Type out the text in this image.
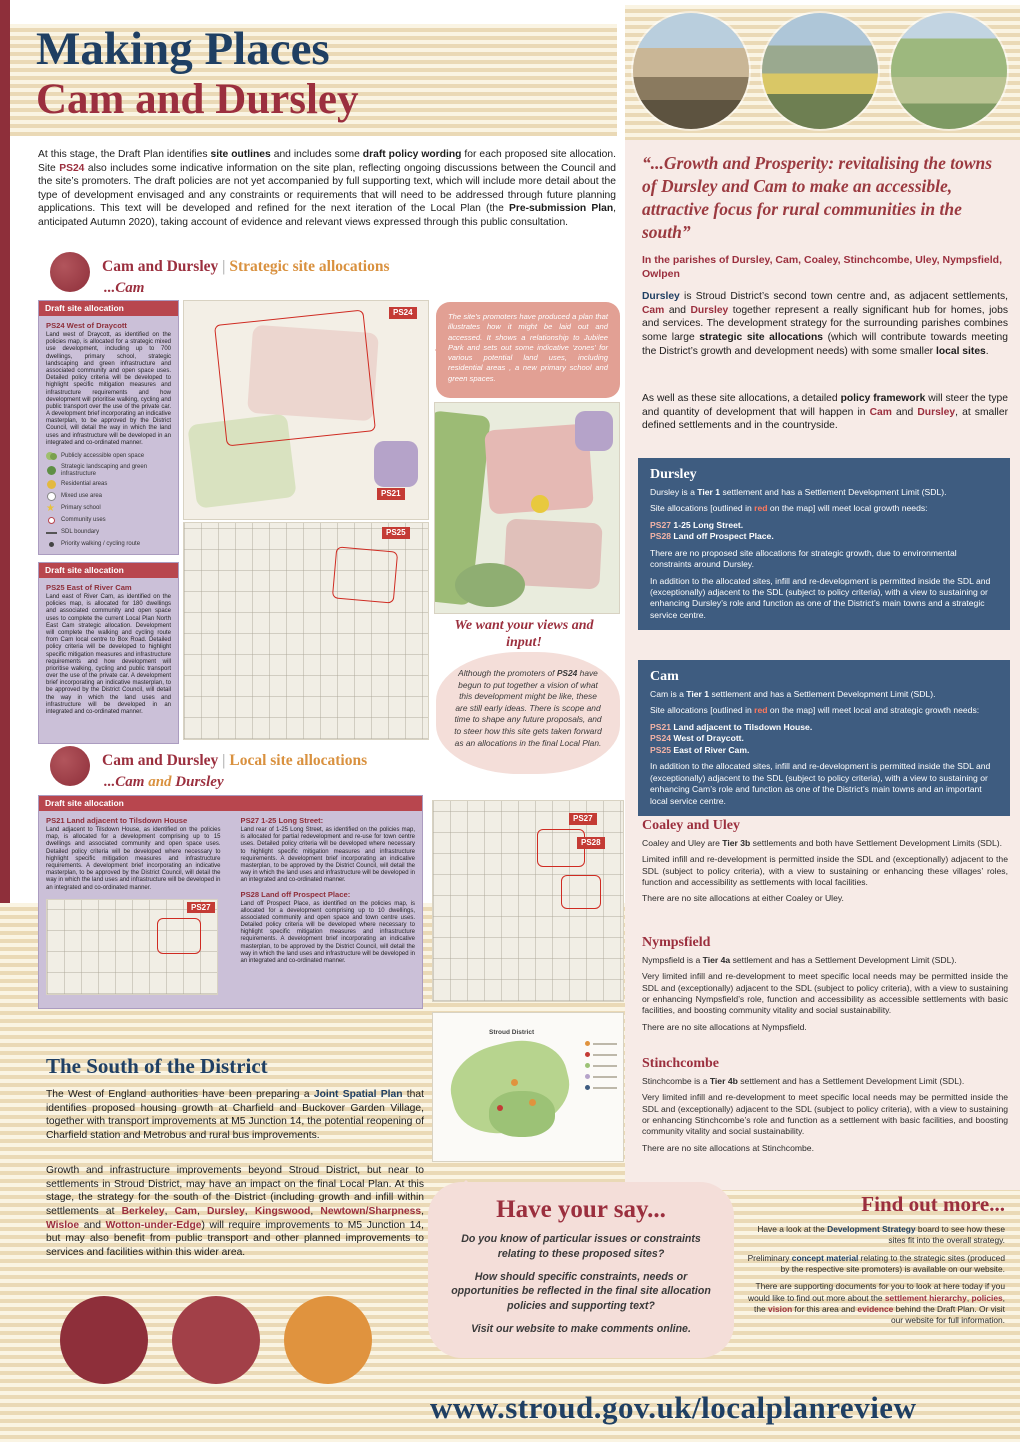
Making Places
Cam and Dursley
At this stage, the Draft Plan identifies site outlines and includes some draft policy wording for each proposed site allocation. Site PS24 also includes some indicative information on the site plan, reflecting ongoing discussions between the Council and the site’s promoters. The draft policies are not yet accompanied by full supporting text, which will include more detail about the type of development envisaged and any constraints or requirements that will need to be addressed through future planning applications. This text will be developed and refined for the next iteration of the Local Plan (the Pre-submission Plan, anticipated Autumn 2020), taking account of evidence and relevant views expressed through this public consultation.
“...Growth and Prosperity: revitalising the towns of Dursley and Cam to make an accessible, attractive focus for rural communities in the south”
In the parishes of Dursley, Cam, Coaley, Stinchcombe, Uley, Nympsfield, Owlpen
Dursley is Stroud District’s second town centre and, as adjacent settlements, Cam and Dursley together represent a really significant hub for homes, jobs and services. The development strategy for the surrounding parishes combines some large strategic site allocations (which will contribute towards meeting the District’s growth and development needs) with some smaller local sites.
As well as these site allocations, a detailed policy framework will steer the type and quantity of development that will happen in Cam and Dursley, at smaller defined settlements and in the countryside.
Dursley

Dursley is a Tier 1 settlement and has a Settlement Development Limit (SDL).

Site allocations [outlined in red on the map] will meet local growth needs:

PS27 1-25 Long Street.
PS28 Land off Prospect Place.

There are no proposed site allocations for strategic growth, due to environmental constraints around Dursley.

In addition to the allocated sites, infill and re-development is permitted inside the SDL and (exceptionally) adjacent to the SDL (subject to policy criteria), with a view to sustaining or enhancing Dursley’s role and function as one of the District’s main towns and a strategic service centre.

Cam

Cam is a Tier 1 settlement and has a Settlement Development Limit (SDL).

Site allocations [outlined in red on the map] will meet local and strategic growth needs:

PS21 Land adjacent to Tilsdown House.
PS24 West of Draycott.
PS25 East of River Cam.

In addition to the allocated sites, infill and re-development is permitted inside the SDL and (exceptionally) adjacent to the SDL (subject to policy criteria), with a view to sustaining or enhancing Cam’s role and function as one of the District’s main towns and an important local service centre.

Coaley and Uley

Coaley and Uley are Tier 3b settlements and both have Settlement Development Limits (SDL).

Limited infill and re-development is permitted inside the SDL and (exceptionally) adjacent to the SDL (subject to policy criteria), with a view to sustaining or enhancing these villages’ roles, function and accessibility as settlements with local facilities.

There are no site allocations at either Coaley or Uley.

Nympsfield

Nympsfield is a Tier 4a settlement and has a Settlement Development Limit (SDL).

Very limited infill and re-development to meet specific local needs may be permitted inside the SDL and (exceptionally) adjacent to the SDL (subject to policy criteria), with a view to sustaining or enhancing Nympsfield’s role, function and accessibility as accessible settlements with basic facilities, and boosting community vitality and social sustainability.

There are no site allocations at Nympsfield.

Stinchcombe

Stinchcombe is a Tier 4b settlement and has a Settlement Development Limit (SDL).

Very limited infill and re-development to meet specific local needs may be permitted inside the SDL and (exceptionally) adjacent to the SDL (subject to policy criteria), with a view to sustaining or enhancing Stinchcombe’s role and function as a settlement with basic facilities, and boosting community vitality and social sustainability.

There are no site allocations at Stinchcombe.

Cam and Dursley | Strategic site allocations
...Cam
Draft site allocation
PS24 West of Draycott
Land west of Draycott, as identified on the policies map, is allocated for a strategic mixed use development, including up to 700 dwellings, primary school, strategic landscaping and green infrastructure and associated community and open space uses. Detailed policy criteria will be developed to highlight specific mitigation measures and infrastructure requirements and how development will prioritise walking, cycling and public transport over the use of the private car. A development brief incorporating an indicative masterplan, to be approved by the District Council, will detail the way in which the land uses and infrastructure will be developed in an integrated and co-ordinated manner.
Publicly accessible open space
Strategic landscaping and green infrastructure
Residential areas
Mixed use area
★	Primary school
Community uses
SDL boundary
Priority walking / cycling route
Draft site allocation
PS25 East of River Cam
Land east of River Cam, as identified on the policies map, is allocated for 180 dwellings and associated community and open space uses to complete the current Local Plan North East Cam strategic allocation. Development will complete the walking and cycling route from Cam local centre to Box Road. Detailed policy criteria will be developed to highlight specific mitigation measures and infrastructure requirements and how development will prioritise walking, cycling and public transport over the use of the private car. A development brief incorporating an indicative masterplan, to be approved by the District Council, will detail the way in which the land uses and infrastructure will be developed in an integrated and co-ordinated manner.
PS24
PS21
PS25
The site’s promoters have produced a plan that illustrates how it might be laid out and accessed. It shows a relationship to Jubilee Park and sets out some indicative ‘zones’ for various potential land uses, including residential areas , a new primary school and green spaces.
We want your views and input!
Although the promoters of PS24 have begun to put together a vision of what this development might be like, these are still early ideas. There is scope and time to shape any future proposals, and to steer how this site gets taken forward as an allocations in the final Local Plan.
Cam and Dursley | Local site allocations
...Cam and Dursley
Draft site allocation
PS21 Land adjacent to Tilsdown House
Land adjacent to Tilsdown House, as identified on the policies map, is allocated for a development comprising up to 15 dwellings and associated community and open space uses. Detailed policy criteria will be developed where necessary to highlight specific mitigation measures and infrastructure requirements. A development brief incorporating an indicative masterplan, to be approved by the District Council, will detail the way in which the land uses and infrastructure will be developed in an integrated and co-ordinated manner.
PS27
PS27 1-25 Long Street:
Land rear of 1-25 Long Street, as identified on the policies map, is allocated for partial redevelopment and re-use for town centre uses. Detailed policy criteria will be developed where necessary to highlight specific mitigation measures and infrastructure requirements. A development brief incorporating an indicative masterplan, to be approved by the District Council, will detail the way in which the land uses and infrastructure will be developed in an integrated and co-ordinated manner.
PS28 Land off Prospect Place:
Land off Prospect Place, as identified on the policies map, is allocated for a development comprising up to 10 dwellings, associated community and open space and town centre uses. Detailed policy criteria will be developed where necessary to highlight specific mitigation measures and infrastructure requirements. A development brief incorporating an indicative masterplan, to be approved by the District Council, will detail the way in which the land uses and infrastructure will be developed in an integrated and co-ordinated manner.
PS27
PS28
Stroud District
The South of the District
The West of England authorities have been preparing a Joint Spatial Plan that identifies proposed housing growth at Charfield and Buckover Garden Village, together with transport improvements at M5 Junction 14, the potential reopening of Charfield station and Metrobus and rural bus improvements.
Growth and infrastructure improvements beyond Stroud District, but near to settlements in Stroud District, may have an impact on the final Local Plan. At this stage, the strategy for the south of the District (including growth and infill within settlements at Berkeley, Cam, Dursley, Kingswood, Newtown/Sharpness, Wisloe and Wotton-under-Edge) will require improvements to M5 Junction 14, but may also benefit from public transport and other planned improvements to services and facilities within this wider area.
Have your say...

Do you know of particular issues or constraints relating to these proposed sites?

How should specific constraints, needs or opportunities be reflected in the final site allocation policies and supporting text?

Visit our website to make comments online.

Find out more...
Have a look at the Development Strategy board to see how these sites fit into the overall strategy.
Preliminary concept material relating to the strategic sites (produced by the respective site promoters) is available on our website.
There are supporting documents for you to look at here today if you would like to find out more about the settlement hierarchy, policies, the vision for this area and evidence behind the Draft Plan. Or visit our website for full information.
www.stroud.gov.uk/localplanreview
